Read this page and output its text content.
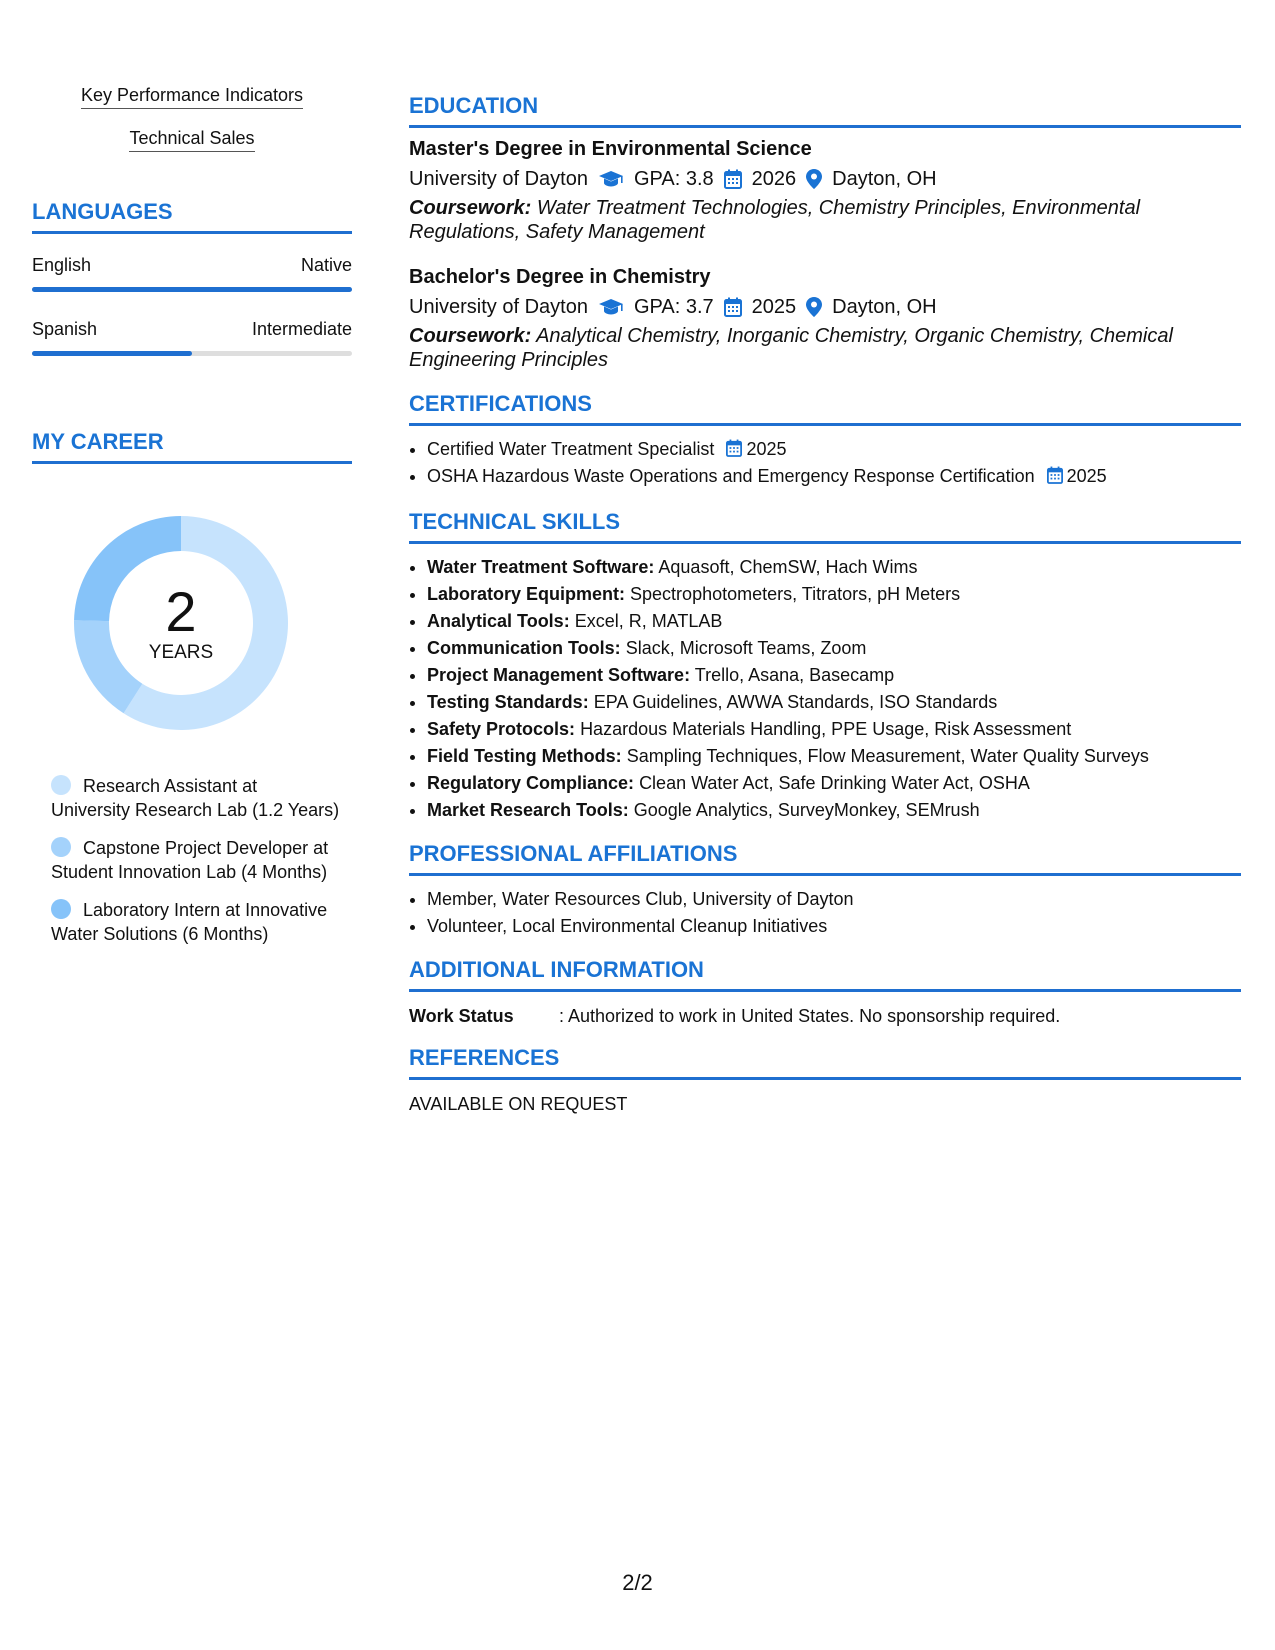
Key Performance Indicators
Technical Sales
LANGUAGES
English	Native
Spanish	Intermediate
MY CAREER
2
YEARS
Research Assistant at University Research Lab (1.2 Years)
Capstone Project Developer at Student Innovation Lab (4 Months)
Laboratory Intern at Innovative Water Solutions (6 Months)
EDUCATION
Master's Degree in Environmental Science
University of Dayton GPA: 3.8 2026 Dayton, OH
Coursework: Water Treatment Technologies, Chemistry Principles, Environmental Regulations, Safety Management
Bachelor's Degree in Chemistry
University of Dayton GPA: 3.7 2025 Dayton, OH
Coursework: Analytical Chemistry, Inorganic Chemistry, Organic Chemistry, Chemical Engineering Principles
CERTIFICATIONS
• Certified Water Treatment Specialist 2025
• OSHA Hazardous Waste Operations and Emergency Response Certification 2025
TECHNICAL SKILLS
• Water Treatment Software: Aquasoft, ChemSW, Hach Wims
• Laboratory Equipment: Spectrophotometers, Titrators, pH Meters
• Analytical Tools: Excel, R, MATLAB
• Communication Tools: Slack, Microsoft Teams, Zoom
• Project Management Software: Trello, Asana, Basecamp
• Testing Standards: EPA Guidelines, AWWA Standards, ISO Standards
• Safety Protocols: Hazardous Materials Handling, PPE Usage, Risk Assessment
• Field Testing Methods: Sampling Techniques, Flow Measurement, Water Quality Surveys
• Regulatory Compliance: Clean Water Act, Safe Drinking Water Act, OSHA
• Market Research Tools: Google Analytics, SurveyMonkey, SEMrush
PROFESSIONAL AFFILIATIONS
• Member, Water Resources Club, University of Dayton
• Volunteer, Local Environmental Cleanup Initiatives
ADDITIONAL INFORMATION
Work Status	: Authorized to work in United States. No sponsorship required.
REFERENCES
AVAILABLE ON REQUEST
2/2
